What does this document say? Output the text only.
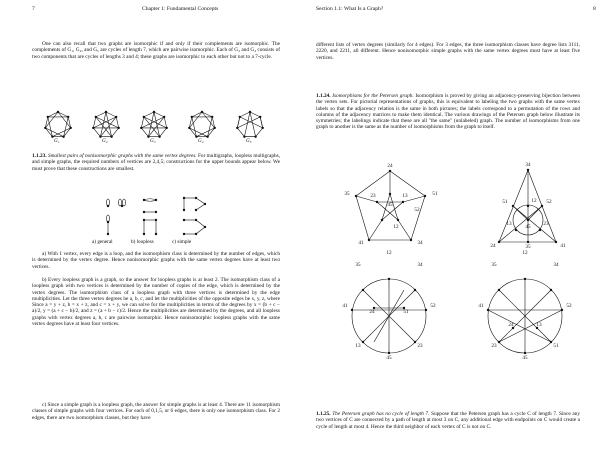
7	Chapter 1: Fundamental Concepts
One can also recall that two graphs are isomorphic if and only if their complements are isomorphic. The complements of G₁, G₂, and G₅ are cycles of length 7, which are pairwise isomorphic. Each of G₃ and G₄ consists of two components that are cycles of lengths 3 and 4; these graphs are isomorphic to each other but not to a 7-cycle.
G₁	G₂	G₃	G₄	G₅
1.1.23. Smallest pairs of nonisomorphic graphs with the same vertex degrees. For multigraphs, loopless multigraphs, and simple graphs, the required numbers of vertices are 2,4,5; constructions for the upper bounds appear below. We must prove that these constructions are smallest.
a) general	b) loopless	c) simple
a) With 1 vertex, every edge is a loop, and the isomorphism class is determined by the number of edges, which is determined by the vertex degree. Hence nonisomorphic graphs with the same vertex degrees have at least two vertices.
b) Every loopless graph is a graph, so the answer for loopless graphs is at least 2. The isomorphism class of a loopless graph with two vertices is determined by the number of copies of the edge, which is determined by the vertex degrees. The isomorphism class of a loopless graph with three vertices is determined by the edge multiplicities. Let the three vertex degrees be a, b, c, and let the multiplicities of the opposite edges be x, y, z, where Since a = y + z, b = x + z, and c = x + y, we can solve for the multiplicities in terms of the degrees by x = (b + c − a)/2, y = (a + c − b)/2, and z = (a + b − c)/2. Hence the multiplicities are determined by the degrees, and all loopless graphs with vertex degrees a, b, c are pairwise isomorphic. Hence nonisomorphic loopless graphs with the same vertex degrees have at least four vertices.
c) Since a simple graph is a loopless graph, the answer for simple graphs is at least 4. There are 11 isomorphism classes of simple graphs with four vertices. For each of 0,1,5, or 6 edges, there is only one isomorphism class. For 2 edges, there are two isomorphism classes, but they have
Section 1.1: What Is a Graph?	8
different lists of vertex degrees (similarly for 4 edges). For 3 edges, the three isomorphism classes have degree lists 3111, 2220, and 2211, all different. Hence nonisomorphic simple graphs with the same vertex degrees must have at least five vertices.
1.1.24. Isomorphisms for the Petersen graph. Isomorphism is proved by giving an adjacency-preserving bijection between the vertex sets. For pictorial representations of graphs, this is equivalent to labeling the two graphs with the same vertex labels so that the adjacency relation is the same in both pictures; the labels correspond to a permutation of the rows and columns of the adjacency matrices to make them identical. The various drawings of the Petersen graph below illustrate its symmetries; the labelings indicate that these are all "the same" (unlabeled) graph. The number of isomorphisms from one graph to another is the same as the number of isomorphisms from the graph to itself.
24
51
35
34
41
52
23	13
45
12
34
12
51	52
13
24	35	41
45	23
12
35	34
41	52
24	51
13	23
45
12
35	34
41	52
23	51
24	13
45
1.1.25. The Petersen graph has no cycle of length 7. Suppose that the Petersen graph has a cycle C of length 7. Since any two vertices of C are connected by a path of length at most 3 on C, any additional edge with endpoints on C would create a cycle of length at most 4. Hence the third neighbor of each vertex of C is not on C.
